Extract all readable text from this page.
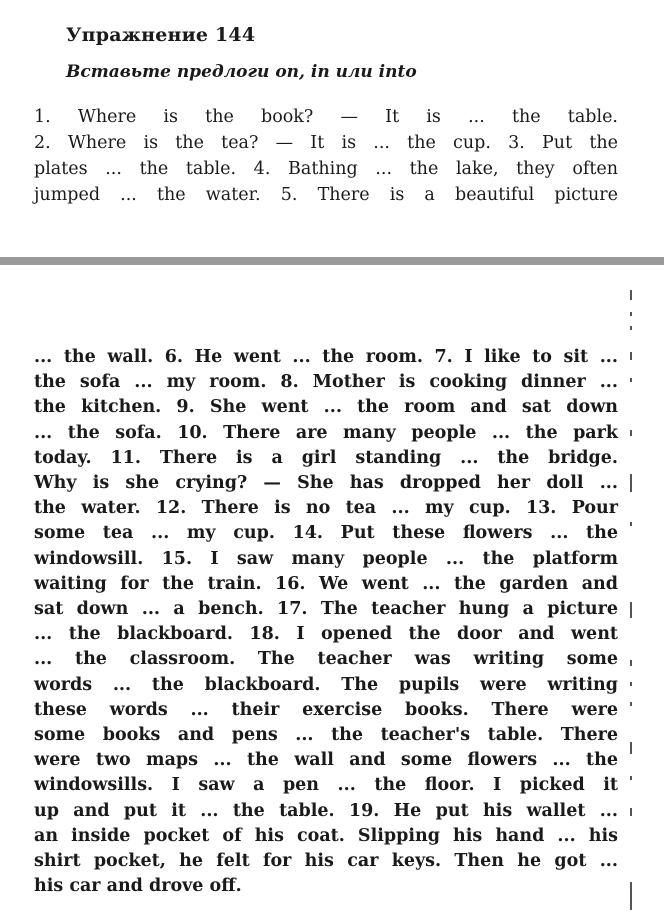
Упражнение 144

Вставьте предлоги on, in или into

1. Where is the book? — It is ... the table.
2. Where is the tea? — It is ... the cup. 3. Put the
plates ... the table. 4. Bathing ... the lake, they often
jumped ... the water. 5. There is a beautiful picture

... the wall. 6. He went ... the room. 7. I like to sit ...
the sofa ... my room. 8. Mother is cooking dinner ...
the kitchen. 9. She went ... the room and sat down
... the sofa. 10. There are many people ... the park
today. 11. There is a girl standing ... the bridge.
Why is she crying? — She has dropped her doll ...
the water. 12. There is no tea ... my cup. 13. Pour
some tea ... my cup. 14. Put these flowers ... the
windowsill. 15. I saw many people ... the platform
waiting for the train. 16. We went ... the garden and
sat down ... a bench. 17. The teacher hung a picture
... the blackboard. 18. I opened the door and went
... the classroom. The teacher was writing some
words ... the blackboard. The pupils were writing
these words ... their exercise books. There were
some books and pens ... the teacher's table. There
were two maps ... the wall and some flowers ... the
windowsills. I saw a pen ... the floor. I picked it
up and put it ... the table. 19. He put his wallet ...
an inside pocket of his coat. Slipping his hand ... his
shirt pocket, he felt for his car keys. Then he got ...
his car and drove off.
